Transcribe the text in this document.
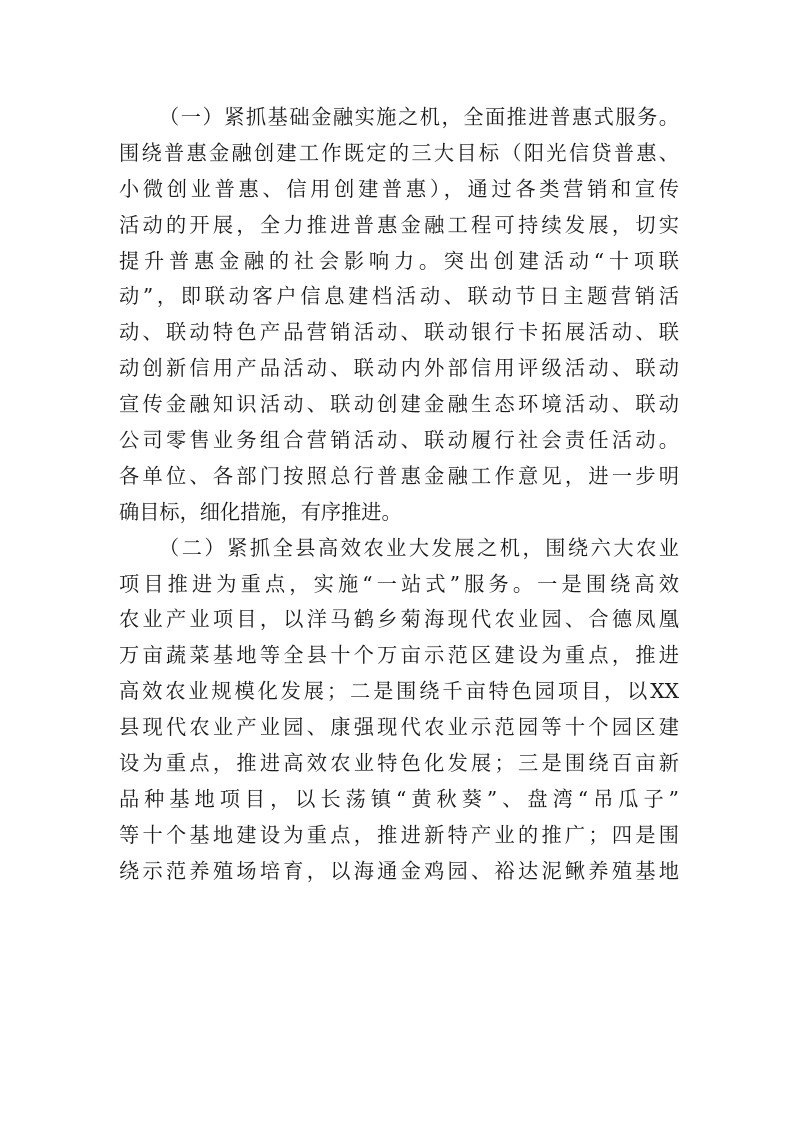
（一）紧抓基础金融实施之机，全面推进普惠式服务。
围绕普惠金融创建工作既定的三大目标（阳光信贷普惠、
小微创业普惠、信用创建普惠），通过各类营销和宣传
活动的开展，全力推进普惠金融工程可持续发展，切实
提升普惠金融的社会影响力。突出创建活动“十项联
动”，即联动客户信息建档活动、联动节日主题营销活
动、联动特色产品营销活动、联动银行卡拓展活动、联
动创新信用产品活动、联动内外部信用评级活动、联动
宣传金融知识活动、联动创建金融生态环境活动、联动
公司零售业务组合营销活动、联动履行社会责任活动。
各单位、各部门按照总行普惠金融工作意见，进一步明
确目标，细化措施，有序推进。
（二）紧抓全县高效农业大发展之机，围绕六大农业
项目推进为重点，实施“一站式”服务。一是围绕高效
农业产业项目，以洋马鹤乡菊海现代农业园、合德凤凰
万亩蔬菜基地等全县十个万亩示范区建设为重点，推进
高效农业规模化发展；二是围绕千亩特色园项目，以XX
县现代农业产业园、康强现代农业示范园等十个园区建
设为重点，推进高效农业特色化发展；三是围绕百亩新
品种基地项目，以长荡镇“黄秋葵”、盘湾“吊瓜子”
等十个基地建设为重点，推进新特产业的推广；四是围
绕示范养殖场培育，以海通金鸡园、裕达泥鳅养殖基地
